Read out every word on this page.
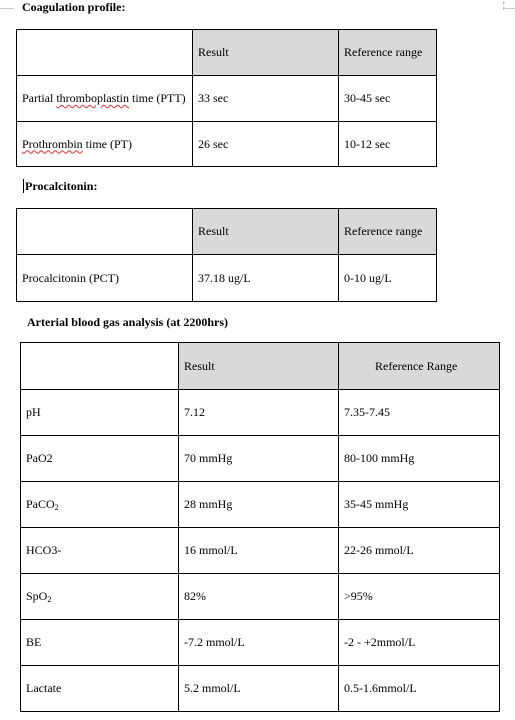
¦
Coagulation profile:
	Result	Reference range
Partial thromboplastin time (PTT)	33 sec	30-45 sec
Prothrombin time (PT)	26 sec	10-12 sec
Procalcitonin:
	Result	Reference range
Procalcitonin (PCT)	37.18 ug/L	0-10 ug/L
Arterial blood gas analysis (at 2200hrs)
	Result	Reference Range
pH	7.12	7.35-7.45
PaO2	70 mmHg	80-100 mmHg
PaCO$_2$	28 mmHg	35-45 mmHg
HCO3-	16 mmol/L	22-26 mmol/L
SpO$_2$	82%	>95%
BE	-7.2 mmol/L	-2 - +2mmol/L
Lactate	5.2 mmol/L	0.5-1.6mmol/L
